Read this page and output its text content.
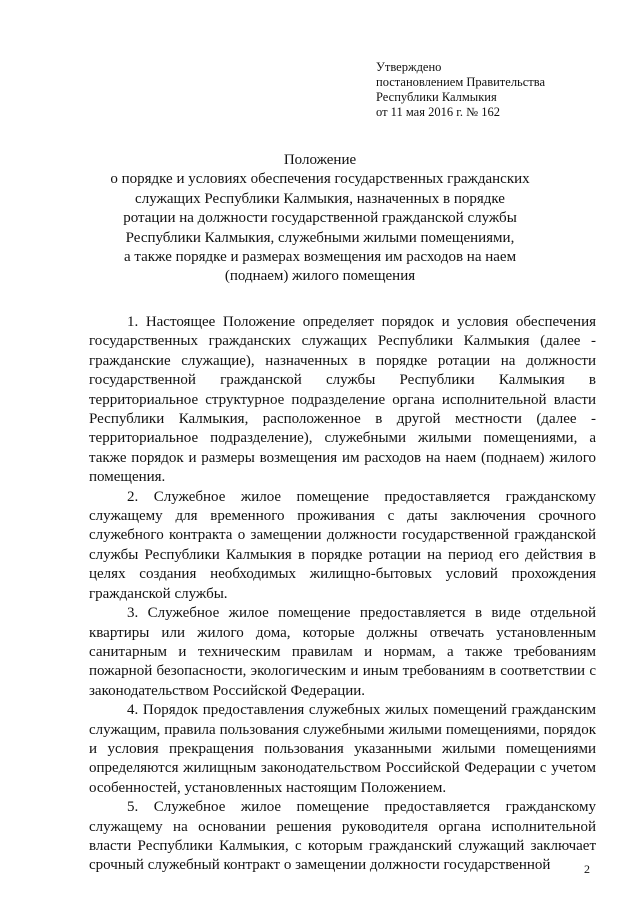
Утверждено
постановлением Правительства
Республики Калмыкия
от 11 мая 2016 г. № 162
Положение
о порядке и условиях обеспечения государственных гражданских
служащих Республики Калмыкия, назначенных в порядке
ротации на должности государственной гражданской службы
Республики Калмыкия, служебными жилыми помещениями,
а также порядке и размерах возмещения им расходов на наем
(поднаем) жилого помещения

1. Настоящее Положение определяет порядок и условия обеспечения государственных гражданских служащих Республики Калмыкия (далее - гражданские служащие), назначенных в порядке ротации на должности государственной гражданской службы Республики Калмыкия в территориальное структурное подразделение органа исполнительной власти Республики Калмыкия, расположенное в другой местности (далее - территориальное подразделение), служебными жилыми помещениями, а также порядок и размеры возмещения им расходов на наем (поднаем) жилого помещения.

2. Служебное жилое помещение предоставляется гражданскому служащему для временного проживания с даты заключения срочного служебного контракта о замещении должности государственной гражданской службы Республики Калмыкия в порядке ротации на период его действия в целях создания необходимых жилищно-бытовых условий прохождения гражданской службы.

3. Служебное жилое помещение предоставляется в виде отдельной квартиры или жилого дома, которые должны отвечать установленным санитарным и техническим правилам и нормам, а также требованиям пожарной безопасности, экологическим и иным требованиям в соответствии с законодательством Российской Федерации.

4. Порядок предоставления служебных жилых помещений гражданским служащим, правила пользования служебными жилыми помещениями, порядок и условия прекращения пользования указанными жилыми помещениями определяются жилищным законодательством Российской Федерации с учетом особенностей, установленных настоящим Положением.

5. Служебное жилое помещение предоставляется гражданскому служащему на основании решения руководителя органа исполнительной власти Республики Калмыкия, с которым гражданский служащий заключает срочный служебный контракт о замещении должности государственной	2
